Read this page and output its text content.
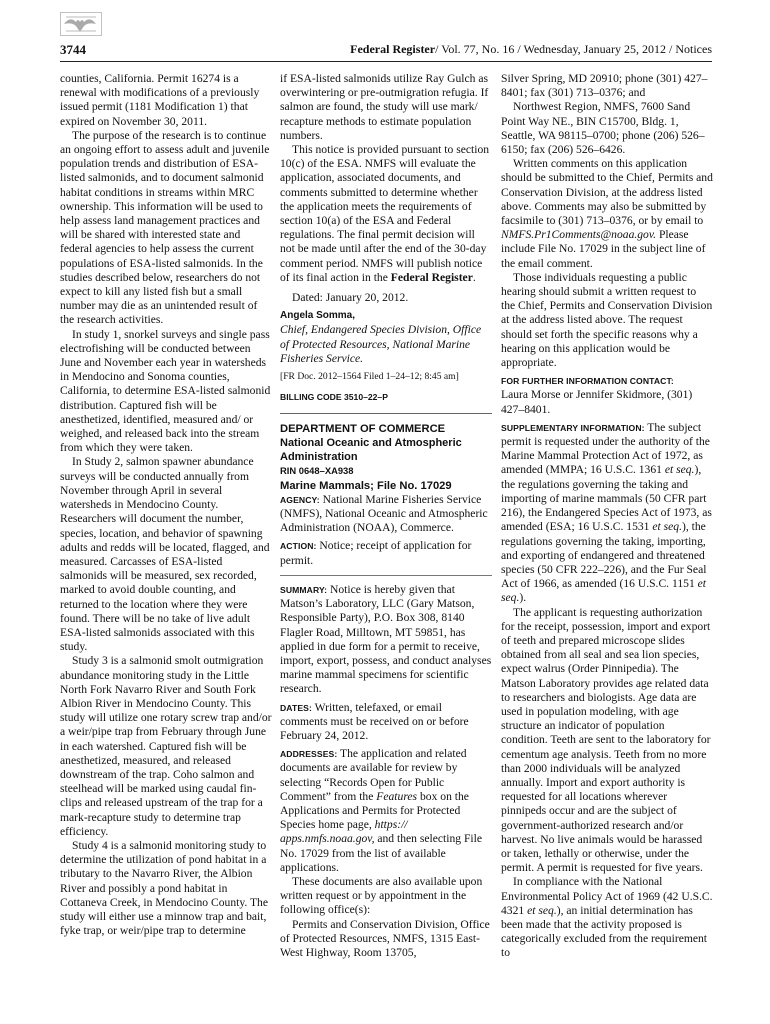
3744	Federal Register/ Vol. 77, No. 16 / Wednesday, January 25, 2012 / Notices

counties, California. Permit 16274 is a renewal with modifications of a previously issued permit (1181 Modification 1) that expired on November 30, 2011.

The purpose of the research is to continue an ongoing effort to assess adult and juvenile population trends and distribution of ESA-listed salmonids, and to document salmonid habitat conditions in streams within MRC ownership. This information will be used to help assess land management practices and will be shared with interested state and federal agencies to help assess the current populations of ESA-listed salmonids. In the studies described below, researchers do not expect to kill any listed fish but a small number may die as an unintended result of the research activities.

In study 1, snorkel surveys and single pass electrofishing will be conducted between June and November each year in watersheds in Mendocino and Sonoma counties, California, to determine ESA-listed salmonid distribution. Captured fish will be anesthetized, identified, measured and/ or weighed, and released back into the stream from which they were taken.

In Study 2, salmon spawner abundance surveys will be conducted annually from November through April in several watersheds in Mendocino County. Researchers will document the number, species, location, and behavior of spawning adults and redds will be located, flagged, and measured. Carcasses of ESA-listed salmonids will be measured, sex recorded, marked to avoid double counting, and returned to the location where they were found. There will be no take of live adult ESA-listed salmonids associated with this study.

Study 3 is a salmonid smolt outmigration abundance monitoring study in the Little North Fork Navarro River and South Fork Albion River in Mendocino County. This study will utilize one rotary screw trap and/or a weir/pipe trap from February through June in each watershed. Captured fish will be anesthetized, measured, and released downstream of the trap. Coho salmon and steelhead will be marked using caudal fin-clips and released upstream of the trap for a mark-recapture study to determine trap efficiency.

Study 4 is a salmonid monitoring study to determine the utilization of pond habitat in a tributary to the Navarro River, the Albion River and possibly a pond habitat in Cottaneva Creek, in Mendocino County. The study will either use a minnow trap and bait, fyke trap, or weir/pipe trap to determine

if ESA-listed salmonids utilize Ray Gulch as overwintering or pre-outmigration refugia. If salmon are found, the study will use mark/ recapture methods to estimate population numbers.

This notice is provided pursuant to section 10(c) of the ESA. NMFS will evaluate the application, associated documents, and comments submitted to determine whether the application meets the requirements of section 10(a) of the ESA and Federal regulations. The final permit decision will not be made until after the end of the 30-day comment period. NMFS will publish notice of its final action in the Federal Register.

Dated: January 20, 2012.

Angela Somma,

Chief, Endangered Species Division, Office of Protected Resources, National Marine Fisheries Service.

[FR Doc. 2012–1564 Filed 1–24–12; 8:45 am]

BILLING CODE 3510–22–P

DEPARTMENT OF COMMERCE

National Oceanic and Atmospheric Administration

RIN 0648–XA938

Marine Mammals; File No. 17029

AGENCY: National Marine Fisheries Service (NMFS), National Oceanic and Atmospheric Administration (NOAA), Commerce.

ACTION: Notice; receipt of application for permit.

SUMMARY: Notice is hereby given that Matson’s Laboratory, LLC (Gary Matson, Responsible Party), P.O. Box 308, 8140 Flagler Road, Milltown, MT 59851, has applied in due form for a permit to receive, import, export, possess, and conduct analyses marine mammal specimens for scientific research.

DATES: Written, telefaxed, or email comments must be received on or before February 24, 2012.

ADDRESSES: The application and related documents are available for review by selecting “Records Open for Public Comment” from the Features box on the Applications and Permits for Protected Species home page, https:// apps.nmfs.noaa.gov, and then selecting File No. 17029 from the list of available applications.

These documents are also available upon written request or by appointment in the following office(s):

Permits and Conservation Division, Office of Protected Resources, NMFS, 1315 East-West Highway, Room 13705,

Silver Spring, MD 20910; phone (301) 427–8401; fax (301) 713–0376; and

Northwest Region, NMFS, 7600 Sand Point Way NE., BIN C15700, Bldg. 1, Seattle, WA 98115–0700; phone (206) 526–6150; fax (206) 526–6426.

Written comments on this application should be submitted to the Chief, Permits and Conservation Division, at the address listed above. Comments may also be submitted by facsimile to (301) 713–0376, or by email to NMFS.Pr1Comments@noaa.gov. Please include File No. 17029 in the subject line of the email comment.

Those individuals requesting a public hearing should submit a written request to the Chief, Permits and Conservation Division at the address listed above. The request should set forth the specific reasons why a hearing on this application would be appropriate.

FOR FURTHER INFORMATION CONTACT:

Laura Morse or Jennifer Skidmore, (301) 427–8401.

SUPPLEMENTARY INFORMATION: The subject permit is requested under the authority of the Marine Mammal Protection Act of 1972, as amended (MMPA; 16 U.S.C. 1361 et seq.), the regulations governing the taking and importing of marine mammals (50 CFR part 216), the Endangered Species Act of 1973, as amended (ESA; 16 U.S.C. 1531 et seq.), the regulations governing the taking, importing, and exporting of endangered and threatened species (50 CFR 222–226), and the Fur Seal Act of 1966, as amended (16 U.S.C. 1151 et seq.).

The applicant is requesting authorization for the receipt, possession, import and export of teeth and prepared microscope slides obtained from all seal and sea lion species, expect walrus (Order Pinnipedia). The Matson Laboratory provides age related data to researchers and biologists. Age data are used in population modeling, with age structure an indicator of population condition. Teeth are sent to the laboratory for cementum age analysis. Teeth from no more than 2000 individuals will be analyzed annually. Import and export authority is requested for all locations wherever pinnipeds occur and are the subject of government-authorized research and/or harvest. No live animals would be harassed or taken, lethally or otherwise, under the permit. A permit is requested for five years.

In compliance with the National Environmental Policy Act of 1969 (42 U.S.C. 4321 et seq.), an initial determination has been made that the activity proposed is categorically excluded from the requirement to
